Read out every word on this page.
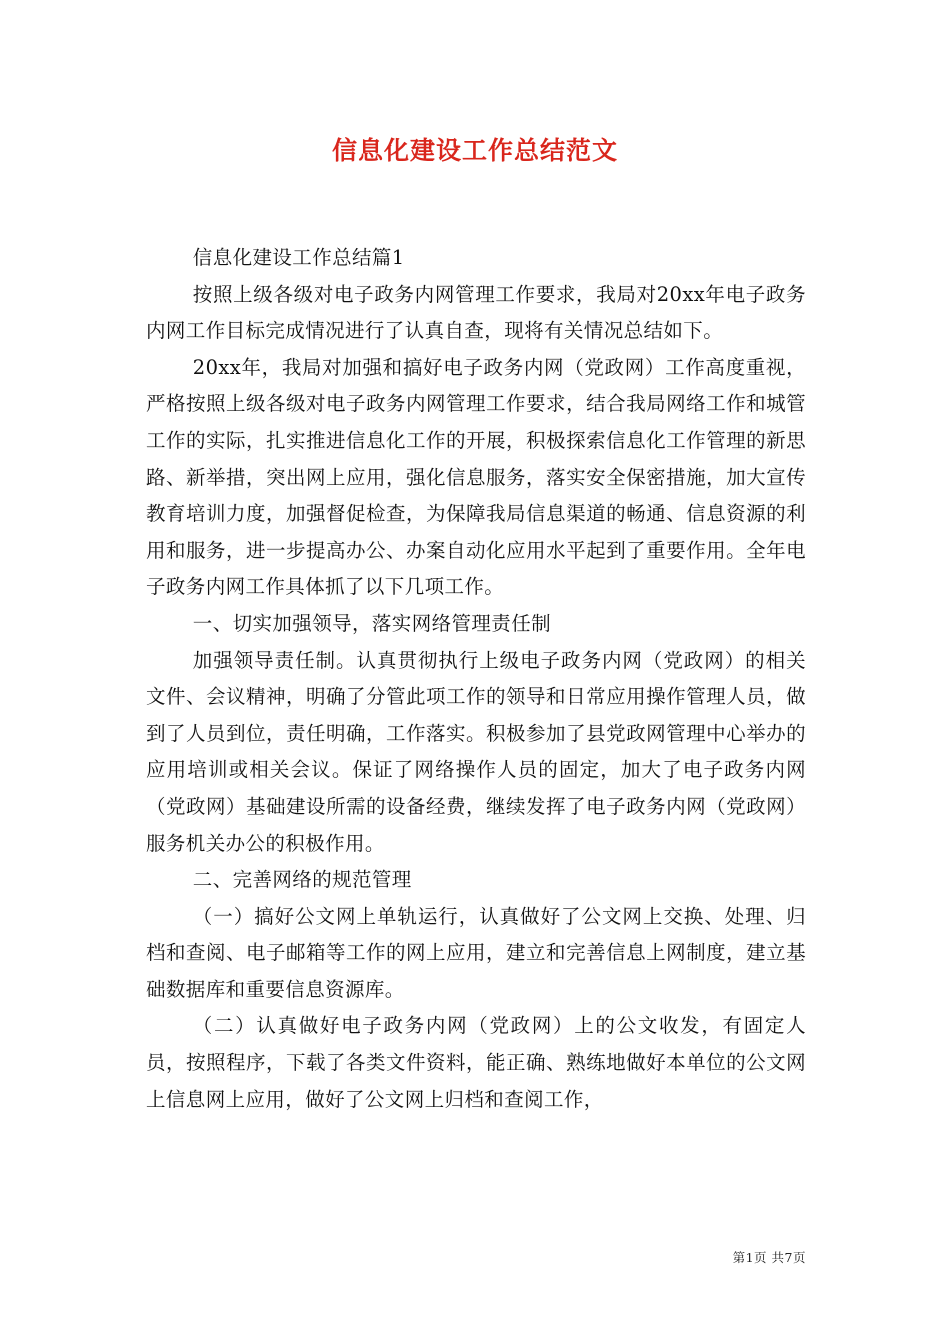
信息化建设工作总结范文

信息化建设工作总结篇1

按照上级各级对电子政务内网管理工作要求，我局对20xx年电子政务内网工作目标完成情况进行了认真自查，现将有关情况总结如下。

20xx年，我局对加强和搞好电子政务内网（党政网）工作高度重视，严格按照上级各级对电子政务内网管理工作要求，结合我局网络工作和城管工作的实际，扎实推进信息化工作的开展，积极探索信息化工作管理的新思路、新举措，突出网上应用，强化信息服务，落实安全保密措施，加大宣传教育培训力度，加强督促检查，为保障我局信息渠道的畅通、信息资源的利用和服务，进一步提高办公、办案自动化应用水平起到了重要作用。全年电子政务内网工作具体抓了以下几项工作。

一、切实加强领导，落实网络管理责任制

加强领导责任制。认真贯彻执行上级电子政务内网（党政网）的相关文件、会议精神，明确了分管此项工作的领导和日常应用操作管理人员，做到了人员到位，责任明确，工作落实。积极参加了县党政网管理中心举办的应用培训或相关会议。保证了网络操作人员的固定，加大了电子政务内网（党政网）基础建设所需的设备经费，继续发挥了电子政务内网（党政网）服务机关办公的积极作用。

二、完善网络的规范管理

（一）搞好公文网上单轨运行，认真做好了公文网上交换、处理、归档和查阅、电子邮箱等工作的网上应用，建立和完善信息上网制度，建立基础数据库和重要信息资源库。

（二）认真做好电子政务内网（党政网）上的公文收发，有固定人员，按照程序，下载了各类文件资料，能正确、熟练地做好本单位的公文网上信息网上应用，做好了公文网上归档和查阅工作，

第1页 共7页
